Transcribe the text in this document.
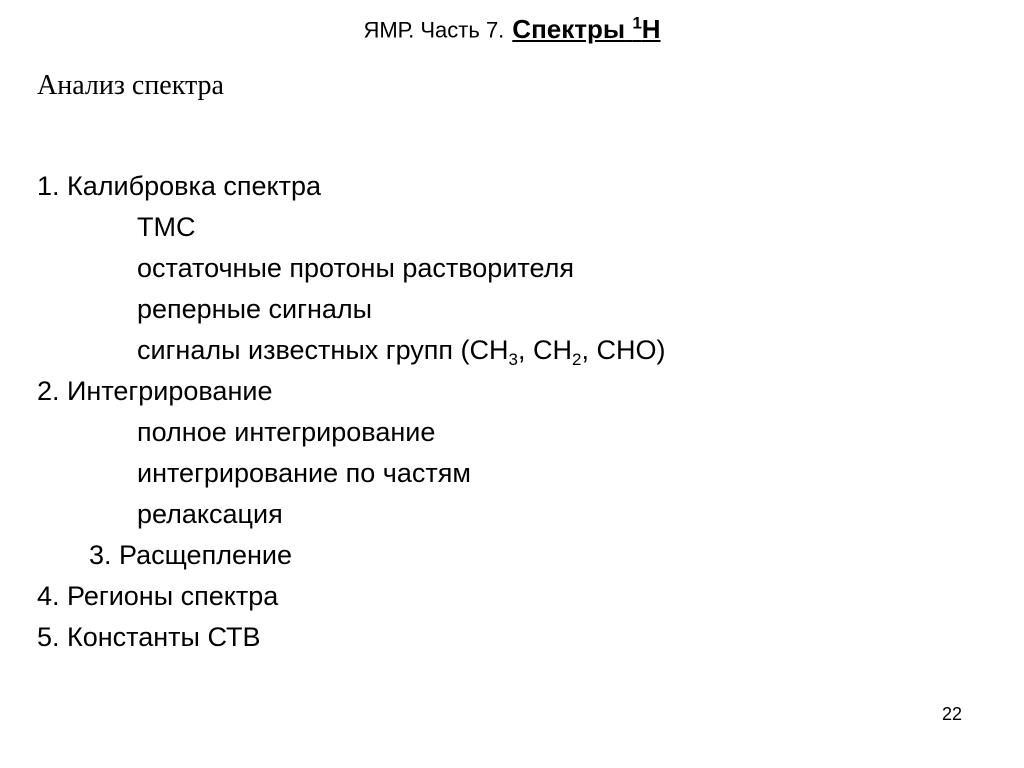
ЯМР. Часть 7. Спектры $^1$Н
Анализ спектра
1. Калибровка спектра
ТМС
остаточные протоны растворителя
реперные сигналы
сигналы известных групп ($СН_3$, $СН_2$, СНО)
2. Интегрирование
полное интегрирование
интегрирование по частям
релаксация
3. Расщепление
4. Регионы спектра
5. Константы СТВ
22
